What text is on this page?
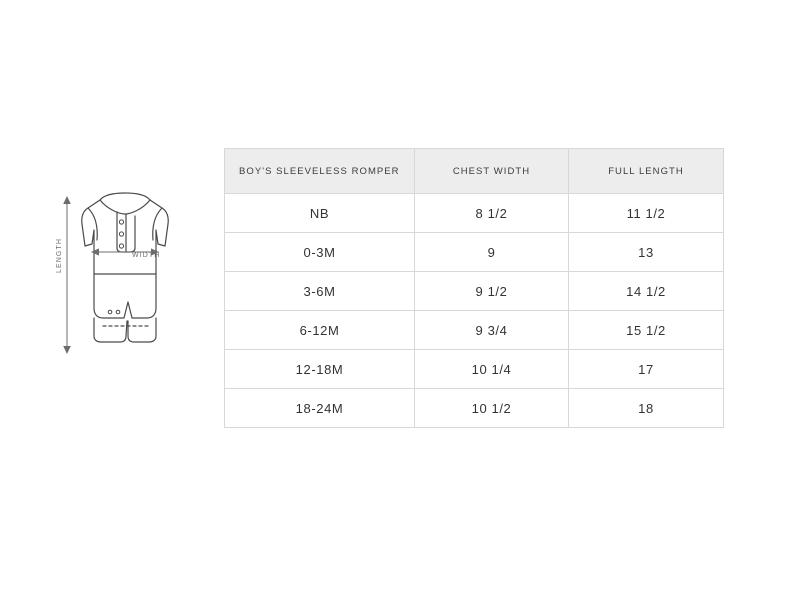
LENGTH	WIDTH
BOY'S SLEEVELESS ROMPER	CHEST WIDTH	FULL LENGTH
NB	8 1/2	11 1/2
0-3M	9	13
3-6M	9 1/2	14 1/2
6-12M	9 3/4	15 1/2
12-18M	10 1/4	17
18-24M	10 1/2	18
